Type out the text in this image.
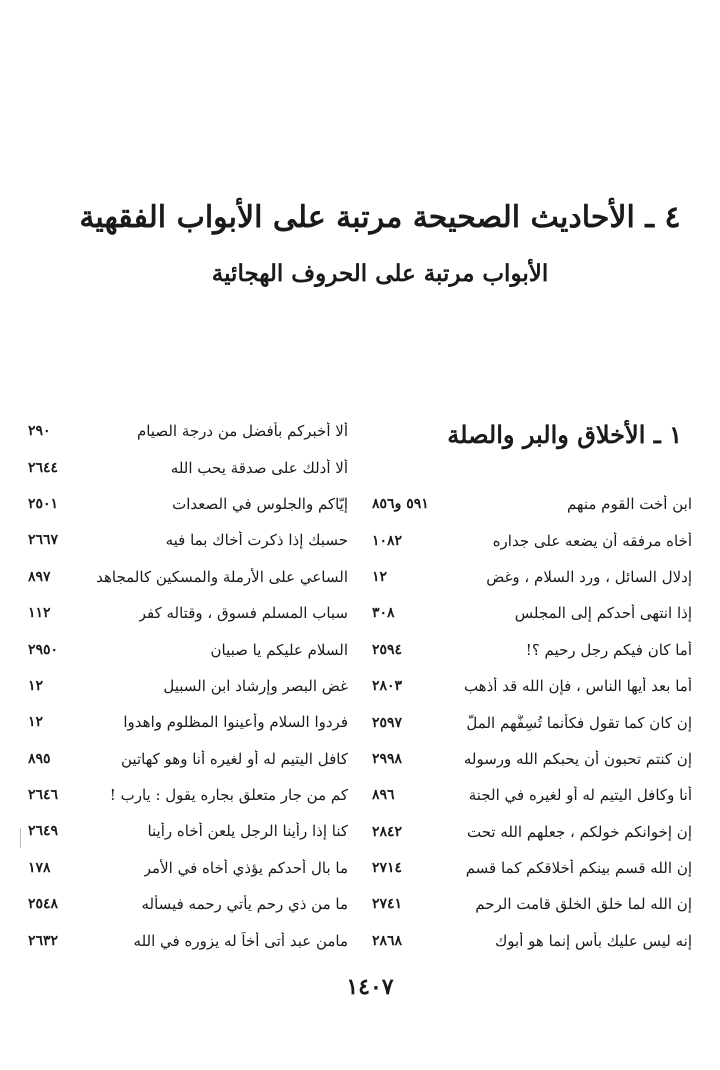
٤ ـ الأحاديث الصحيحة مرتبة على الأبواب الفقهية
الأبواب مرتبة على الحروف الهجائية
١ ـ الأخلاق والبر والصلة
ابن أخت القوم منهم
٥٩١ و٨٥٦
أخاه مرفقه أن يضعه على جداره
١٠٨٢
إدلال السائل ، ورد السلام ، وغض
١٢
إذا انتهى أحدكم إلى المجلس
٣٠٨
أما كان فيكم رجل رحيم ؟!
٢٥٩٤
أما بعد أيها الناس ، فإن الله قد أذهب
٢٨٠٣
إن كان كما تقول فكأنما تُسِفُّهم الملَّ
٢٥٩٧
إن كنتم تحبون أن يحبكم الله ورسوله
٢٩٩٨
أنا وكافل اليتيم له أو لغيره في الجنة
٨٩٦
إن إخوانكم خولكم ، جعلهم الله تحت
٢٨٤٢
إن الله قسم بينكم أخلاقكم كما قسم
٢٧١٤
إن الله لما خلق الخلق قامت الرحم
٢٧٤١
إنه ليس عليك بأس إنما هو أبوك
٢٨٦٨
ألا أخبركم بأفضل من درجة الصيام
٢٩٠
ألا أدلك على صدقة يحب الله
٢٦٤٤
إيّاكم والجلوس في الصعدات
٢٥٠١
حسبك إذا ذكرت أخاك بما فيه
٢٦٦٧
الساعي على الأرملة والمسكين كالمجاهد
٨٩٧
سباب المسلم فسوق ، وقتاله كفر
١١٢
السلام عليكم يا صبيان
٢٩٥٠
غض البصر وإرشاد ابن السبيل
١٢
فردوا السلام وأعينوا المظلوم واهدوا
١٢
كافل اليتيم له أو لغيره أنا وهو كهاتين
٨٩٥
كم من جار متعلق بجاره يقول : يارب !
٢٦٤٦
كنا إذا رأينا الرجل يلعن أخاه رأينا
٢٦٤٩
ما بال أحدكم يؤذي أخاه في الأمر
١٧٨
ما من ذي رحم يأتي رحمه فيسأله
٢٥٤٨
مامن عبد أتى أخاً له يزوره في الله
٢٦٣٢
١٤٠٧
